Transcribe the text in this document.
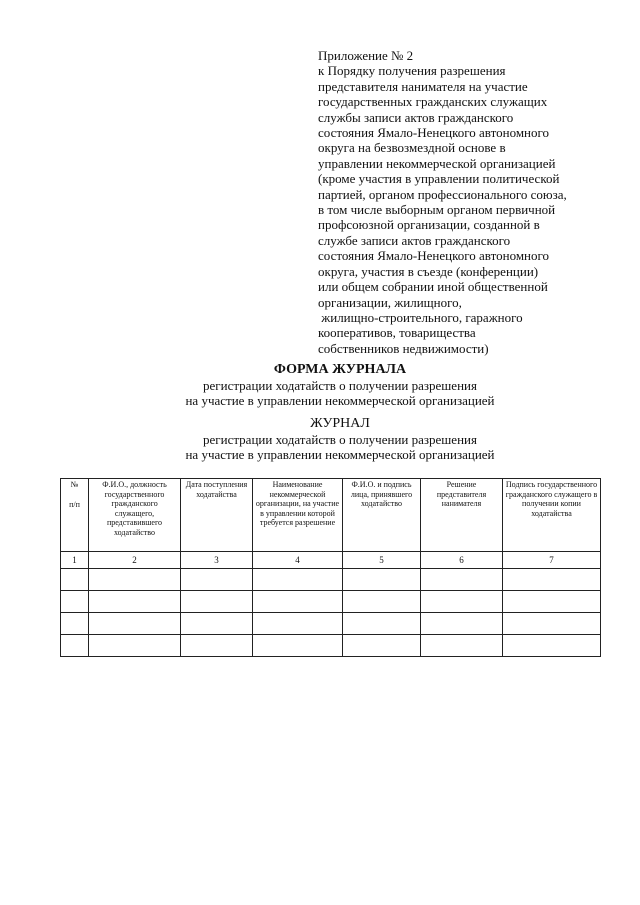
Приложение № 2
к Порядку получения разрешения
представителя нанимателя на участие
государственных гражданских служащих
службы записи актов гражданского
состояния Ямало-Ненецкого автономного
округа на безвозмездной основе в
управлении некоммерческой организацией
(кроме участия в управлении политической
партией, органом профессионального союза,
в том числе выборным органом первичной
профсоюзной организации, созданной в
службе записи актов гражданского
состояния Ямало-Ненецкого автономного
округа, участия в съезде (конференции)
или общем собрании иной общественной
организации, жилищного,
жилищно-строительного, гаражного
кооперативов, товарищества
собственников недвижимости)
ФОРМА ЖУРНАЛА
регистрации ходатайств о получении разрешения
на участие в управлении некоммерческой организацией
ЖУРНАЛ
регистрации ходатайств о получении разрешения
на участие в управлении некоммерческой организацией
№
п/п	Ф.И.О., должность государственного гражданского служащего, представившего ходатайство	Дата поступления ходатайства	Наименование некоммерческой организации, на участие в управлении которой требуется разрешение	Ф.И.О. и подпись лица, принявшего ходатайство	Решение представителя нанимателя	Подпись государственного гражданского служащего в получении копии ходатайства
1	2	3	4	5	6	7
